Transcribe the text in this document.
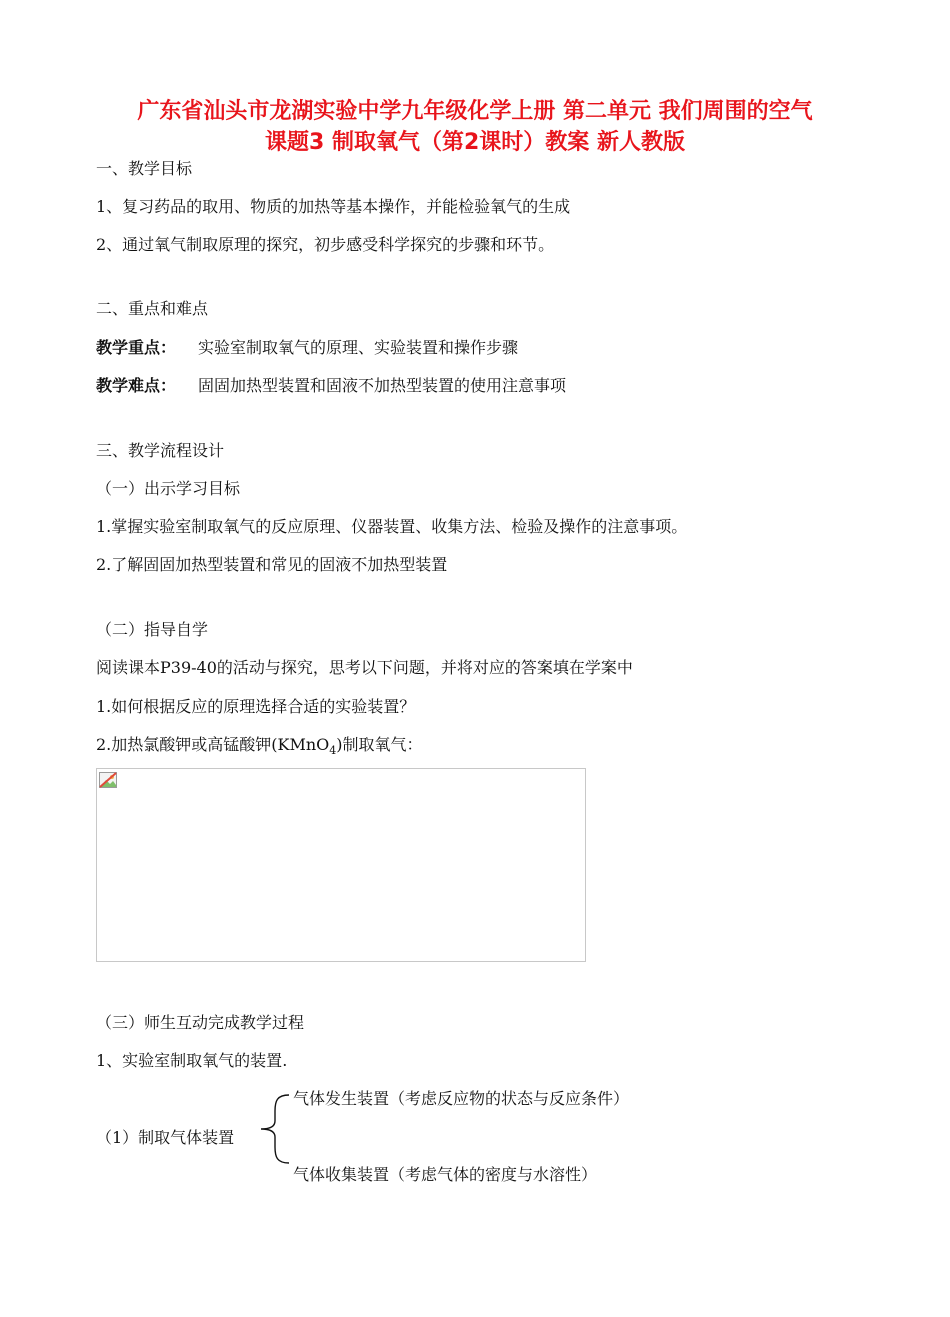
广东省汕头市龙湖实验中学九年级化学上册 第二单元 我们周围的空气
课题3 制取氧气（第2课时）教案 新人教版
一、教学目标
1、复习药品的取用、物质的加热等基本操作，并能检验氧气的生成
2、通过氧气制取原理的探究，初步感受科学探究的步骤和环节。
二、重点和难点
教学重点： 实验室制取氧气的原理、实验装置和操作步骤
教学难点： 固固加热型装置和固液不加热型装置的使用注意事项
三、教学流程设计
（一）出示学习目标
1.掌握实验室制取氧气的反应原理、仪器装置、收集方法、检验及操作的注意事项。
2.了解固固加热型装置和常见的固液不加热型装置
（二）指导自学
阅读课本P39-40的活动与探究，思考以下问题，并将对应的答案填在学案中
1.如何根据反应的原理选择合适的实验装置？
2.加热氯酸钾或高锰酸钾(KMnO$_4$)制取氧气：
（三）师生互动完成教学过程
1、实验室制取氧气的装置.
气体发生装置（考虑反应物的状态与反应条件）
（1）制取气体装置
气体收集装置（考虑气体的密度与水溶性）
